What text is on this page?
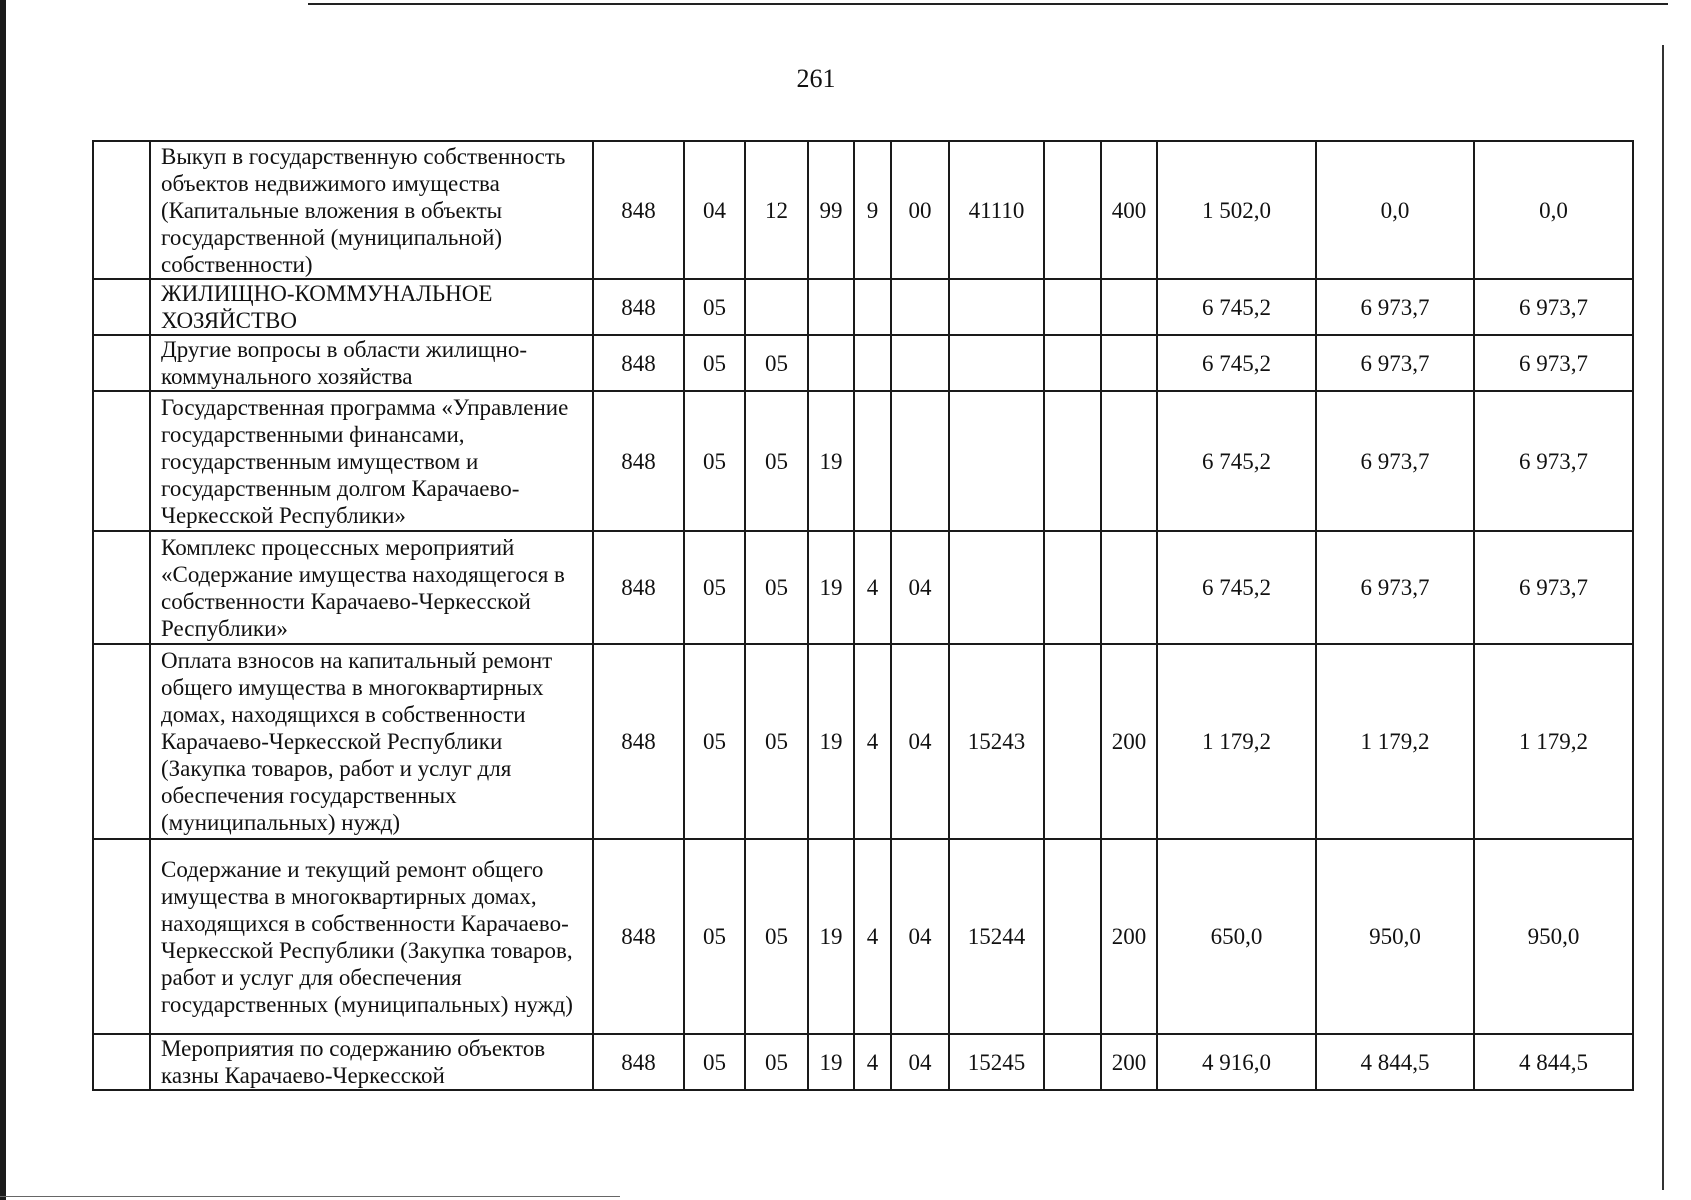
261
	Выкуп в государственную собственность объектов недвижимого имущества (Капитальные вложения в объекты государственной (муниципальной) собственности)	848	04	12	99	9	00	41110		400	1 502,0	0,0	0,0
	ЖИЛИЩНО-КОММУНАЛЬНОЕ ХОЗЯЙСТВО	848	05								6 745,2	6 973,7	6 973,7
	Другие вопросы в области жилищно-коммунального хозяйства	848	05	05							6 745,2	6 973,7	6 973,7
	Государственная программа «Управление государственными финансами, государственным имуществом и государственным долгом Карачаево-Черкесской Республики»	848	05	05	19						6 745,2	6 973,7	6 973,7
	Комплекс процессных мероприятий «Содержание имущества находящегося в собственности Карачаево-Черкесской Республики»	848	05	05	19	4	04				6 745,2	6 973,7	6 973,7
	Оплата взносов на капитальный ремонт общего имущества в многоквартирных домах, находящихся в собственности Карачаево-Черкесской Республики (Закупка товаров, работ и услуг для обеспечения государственных (муниципальных) нужд)	848	05	05	19	4	04	15243		200	1 179,2	1 179,2	1 179,2
	Содержание и текущий ремонт общего имущества в многоквартирных домах, находящихся в собственности Карачаево-Черкесской Республики (Закупка товаров, работ и услуг для обеспечения государственных (муниципальных) нужд)	848	05	05	19	4	04	15244		200	650,0	950,0	950,0
	Мероприятия по содержанию объектов казны Карачаево-Черкесской	848	05	05	19	4	04	15245		200	4 916,0	4 844,5	4 844,5
